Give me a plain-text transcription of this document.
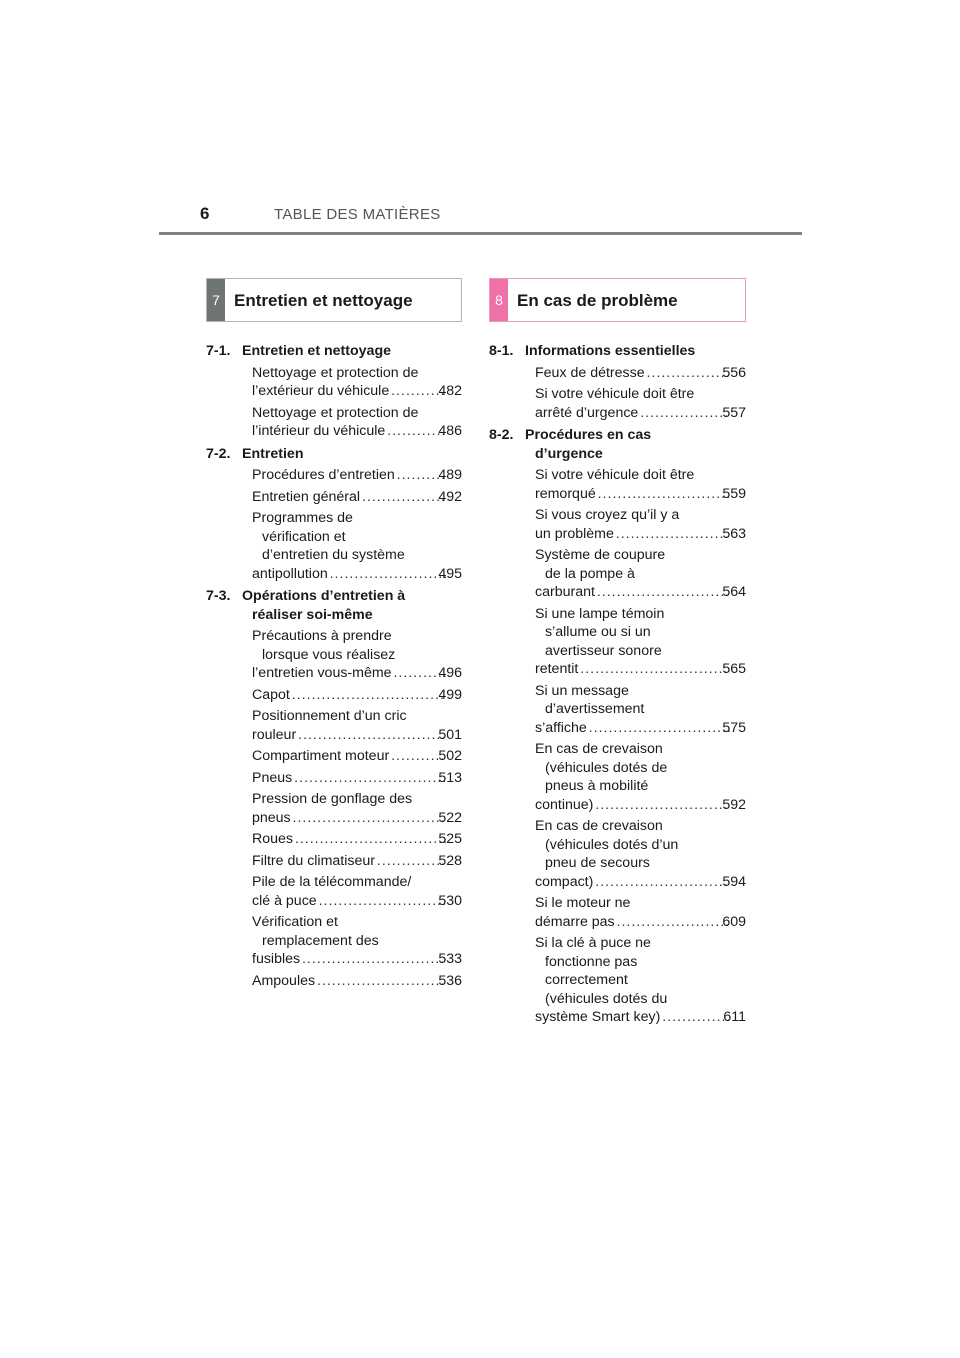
6	TABLE DES MATIÈRES
7 Entretien et nettoyage
7-1. Entretien et nettoyage
Nettoyage et protection de

l’extérieur du véhicule .....	482
Nettoyage et protection de

l’intérieur du véhicule .....	486
7-2. Entretien
Procédures d’entretien .....	489
Entretien général .....	492
Programmes de
vérification et
d’entretien du système

antipollution .....	495
7-3. Opérations d’entretien à
réaliser soi-même
Précautions à prendre
lorsque vous réalisez

l’entretien vous-même .....	496
Capot .....	499
Positionnement d’un cric

rouleur .....	501
Compartiment moteur .....	502
Pneus .....	513
Pression de gonflage des

pneus .....	522
Roues .....	525
Filtre du climatiseur .....	528
Pile de la télécommande/

clé à puce .....	530
Vérification et
remplacement des

fusibles .....	533
Ampoules .....	536
8 En cas de problème
8-1. Informations essentielles
Feux de détresse .....	556
Si votre véhicule doit être

arrêté d’urgence .....	557
8-2. Procédures en cas
d’urgence
Si votre véhicule doit être

remorqué .....	559
Si vous croyez qu’il y a

un problème .....	563
Système de coupure
de la pompe à

carburant .....	564
Si une lampe témoin
s’allume ou si un
avertisseur sonore

retentit .....	565
Si un message
d’avertissement

s’affiche .....	575
En cas de crevaison
(véhicules dotés de
pneus à mobilité

continue) .....	592
En cas de crevaison
(véhicules dotés d’un
pneu de secours

compact) .....	594
Si le moteur ne

démarre pas .....	609
Si la clé à puce ne
fonctionne pas
correctement
(véhicules dotés du

système Smart key) .....	611
